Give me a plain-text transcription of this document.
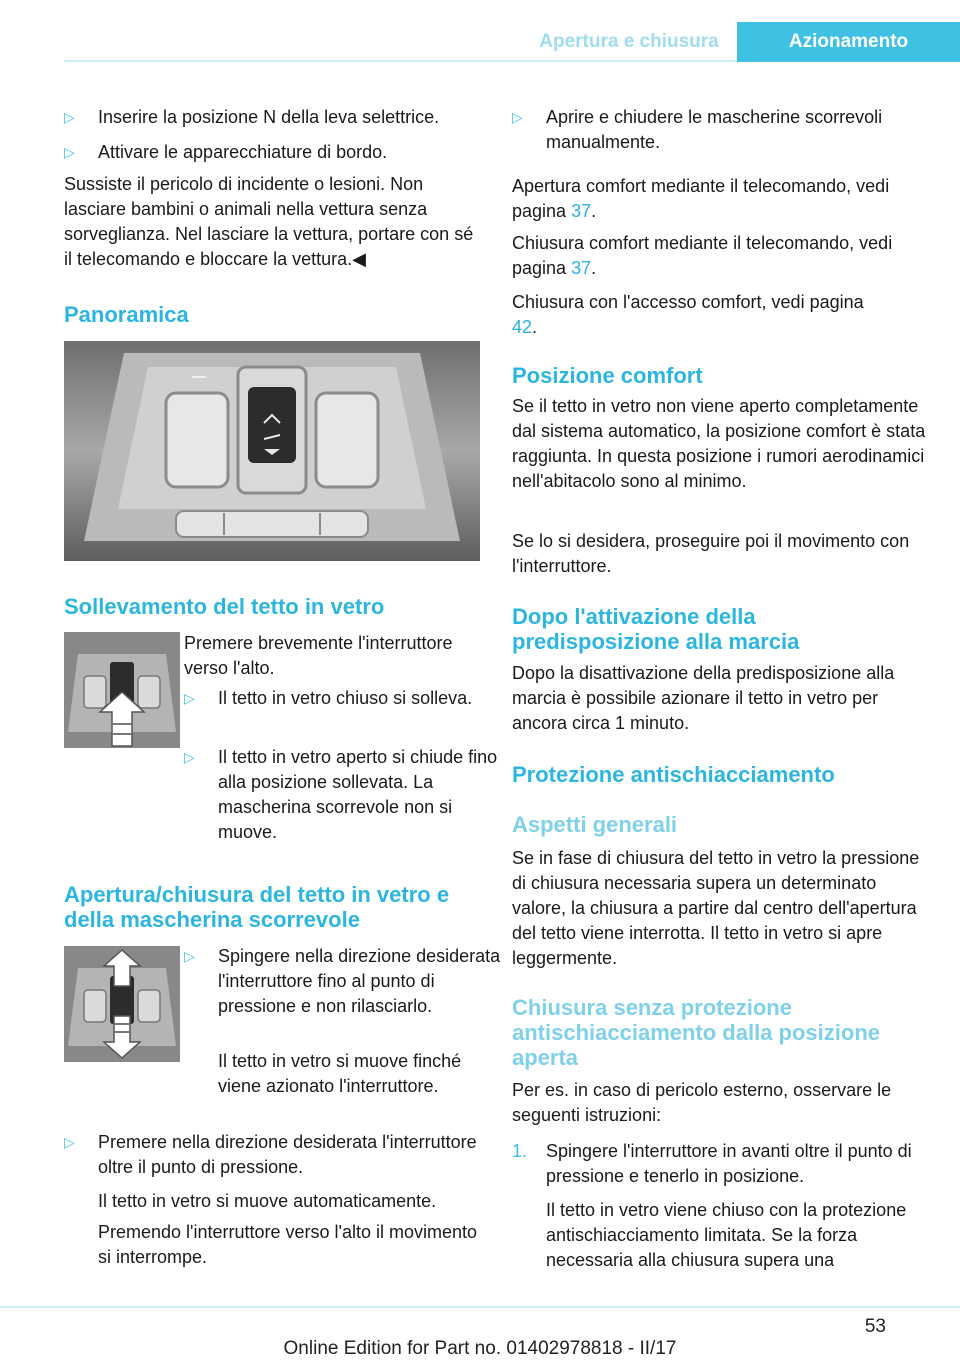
Apertura e chiusura	Azionamento

▷ Inserire la posizione N della leva selettrice.

▷ Attivare le apparecchiature di bordo.

Sussiste il pericolo di incidente o lesioni. Non lasciare bambini o animali nella vettura senza sorveglianza. Nel lasciare la vettura, portare con sé il telecomando e bloccare la vettura.◀

Panoramica
Sollevamento del tetto in vetro

Premere brevemente l'interruttore verso l'alto.

▷ Il tetto in vetro chiuso si solleva.

▷ Il tetto in vetro aperto si chiude fino alla posizione sollevata. La mascherina scorrevole non si muove.

Apertura/chiusura del tetto in vetro e
della mascherina scorrevole

▷ Spingere nella direzione desiderata l'interruttore fino al punto di pressione e non rilasciarlo.

Il tetto in vetro si muove finché viene azionato l'interruttore.

▷ Premere nella direzione desiderata l'interruttore oltre il punto di pressione.

Il tetto in vetro si muove automaticamente.

Premendo l'interruttore verso l'alto il movimento si interrompe.

▷ Aprire e chiudere le mascherine scorrevoli manualmente.

Apertura comfort mediante il telecomando, vedi pagina 37.

Chiusura comfort mediante il telecomando, vedi pagina 37.

Chiusura con l'accesso comfort, vedi pagina 42.

Posizione comfort

Se il tetto in vetro non viene aperto completamente dal sistema automatico, la posizione comfort è stata raggiunta. In questa posizione i rumori aerodinamici nell'abitacolo sono al minimo.

Se lo si desidera, proseguire poi il movimento con l'interruttore.

Dopo l'attivazione della
predisposizione alla marcia

Dopo la disattivazione della predisposizione alla marcia è possibile azionare il tetto in vetro per ancora circa 1 minuto.

Protezione antischiacciamento
Aspetti generali

Se in fase di chiusura del tetto in vetro la pressione di chiusura necessaria supera un determinato valore, la chiusura a partire dal centro dell'apertura del tetto viene interrotta. Il tetto in vetro si apre leggermente.

Chiusura senza protezione
antischiacciamento dalla posizione
aperta

Per es. in caso di pericolo esterno, osservare le seguenti istruzioni:

1. Spingere l'interruttore in avanti oltre il punto di pressione e tenerlo in posizione.

Il tetto in vetro viene chiuso con la protezione antischiacciamento limitata. Se la forza necessaria alla chiusura supera una

53
Online Edition for Part no. 01402978818 - II/17
